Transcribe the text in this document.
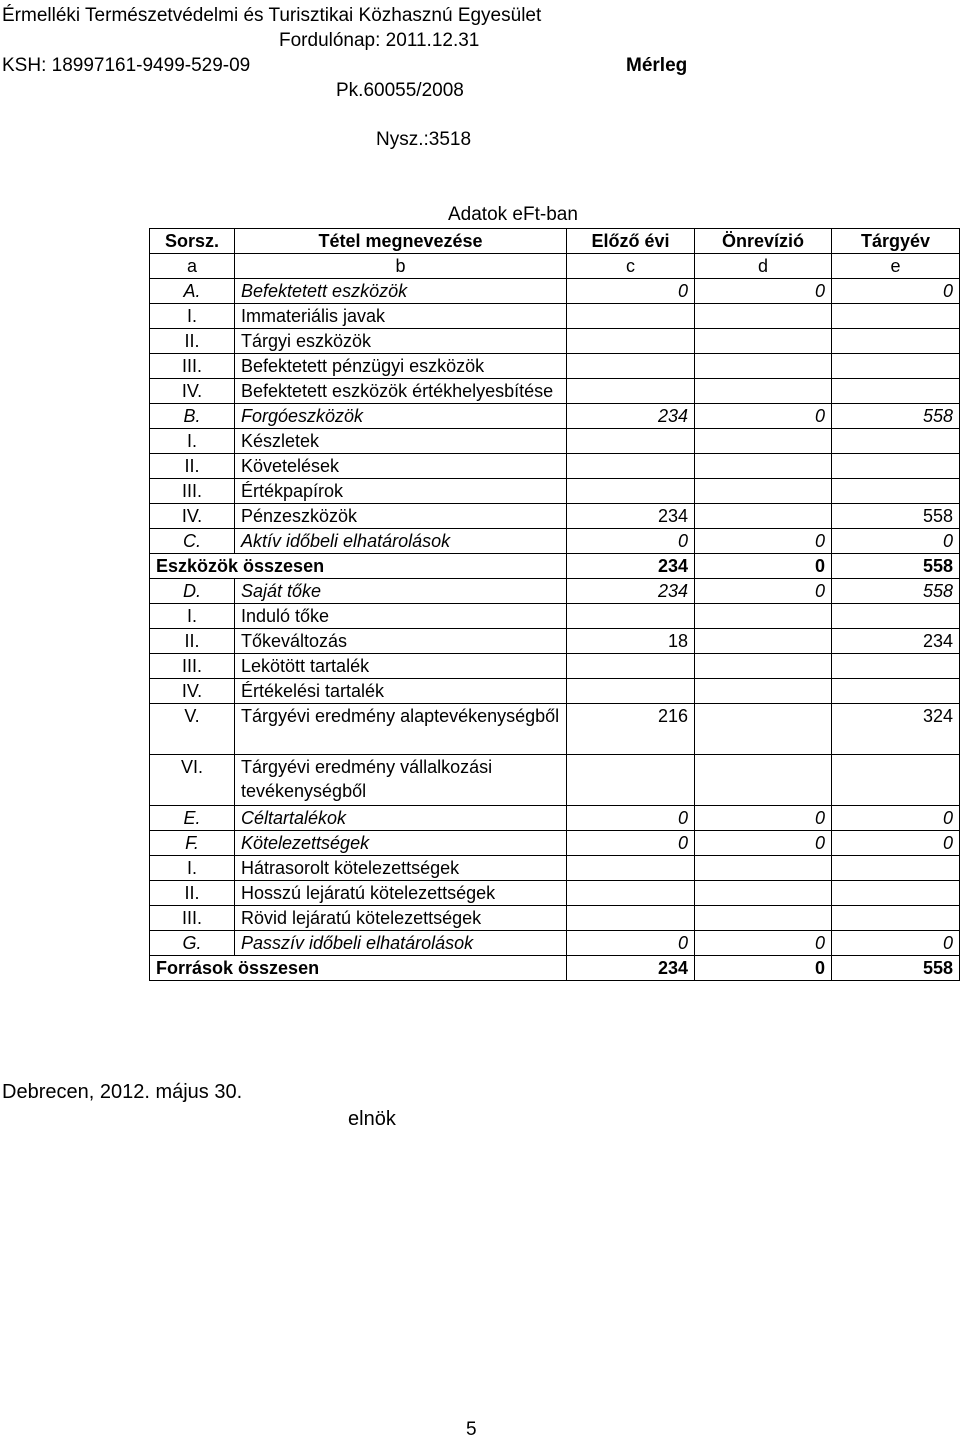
Érmelléki Természetvédelmi és Turisztikai Közhasznú Egyesület
Fordulónap: 2011.12.31
KSH: 18997161-9499-529-09	Mérleg
Pk.60055/2008
Nysz.:3518
Adatok eFt-ban
Sorsz.	Tétel megnevezése	Előző évi	Önrevízió	Tárgyév
a	b	c	d	e
A.	Befektetett eszközök	0	0	0
I.	Immateriális javak			
II.	Tárgyi eszközök			
III.	Befektetett pénzügyi eszközök			
IV.	Befektetett eszközök értékhelyesbítése			
B.	Forgóeszközök	234	0	558
I.	Készletek			
II.	Követelések			
III.	Értékpapírok			
IV.	Pénzeszközök	234		558
C.	Aktív időbeli elhatárolások	0	0	0
Eszközök összesen		234	0	558
D.	Saját tőke	234	0	558
I.	Induló tőke			
II.	Tőkeváltozás	18		234
III.	Lekötött tartalék			
IV.	Értékelési tartalék			
V.	Tárgyévi eredmény alaptevékenységből	216		324
VI.	Tárgyévi eredmény vállalkozási tevékenységből			
E.	Céltartalékok	0	0	0
F.	Kötelezettségek	0	0	0
I.	Hátrasorolt kötelezettségek			
II.	Hosszú lejáratú kötelezettségek			
III.	Rövid lejáratú kötelezettségek			
G.	Passzív időbeli elhatárolások	0	0	0
Források összesen		234	0	558
Debrecen, 2012. május 30.
elnök
5
